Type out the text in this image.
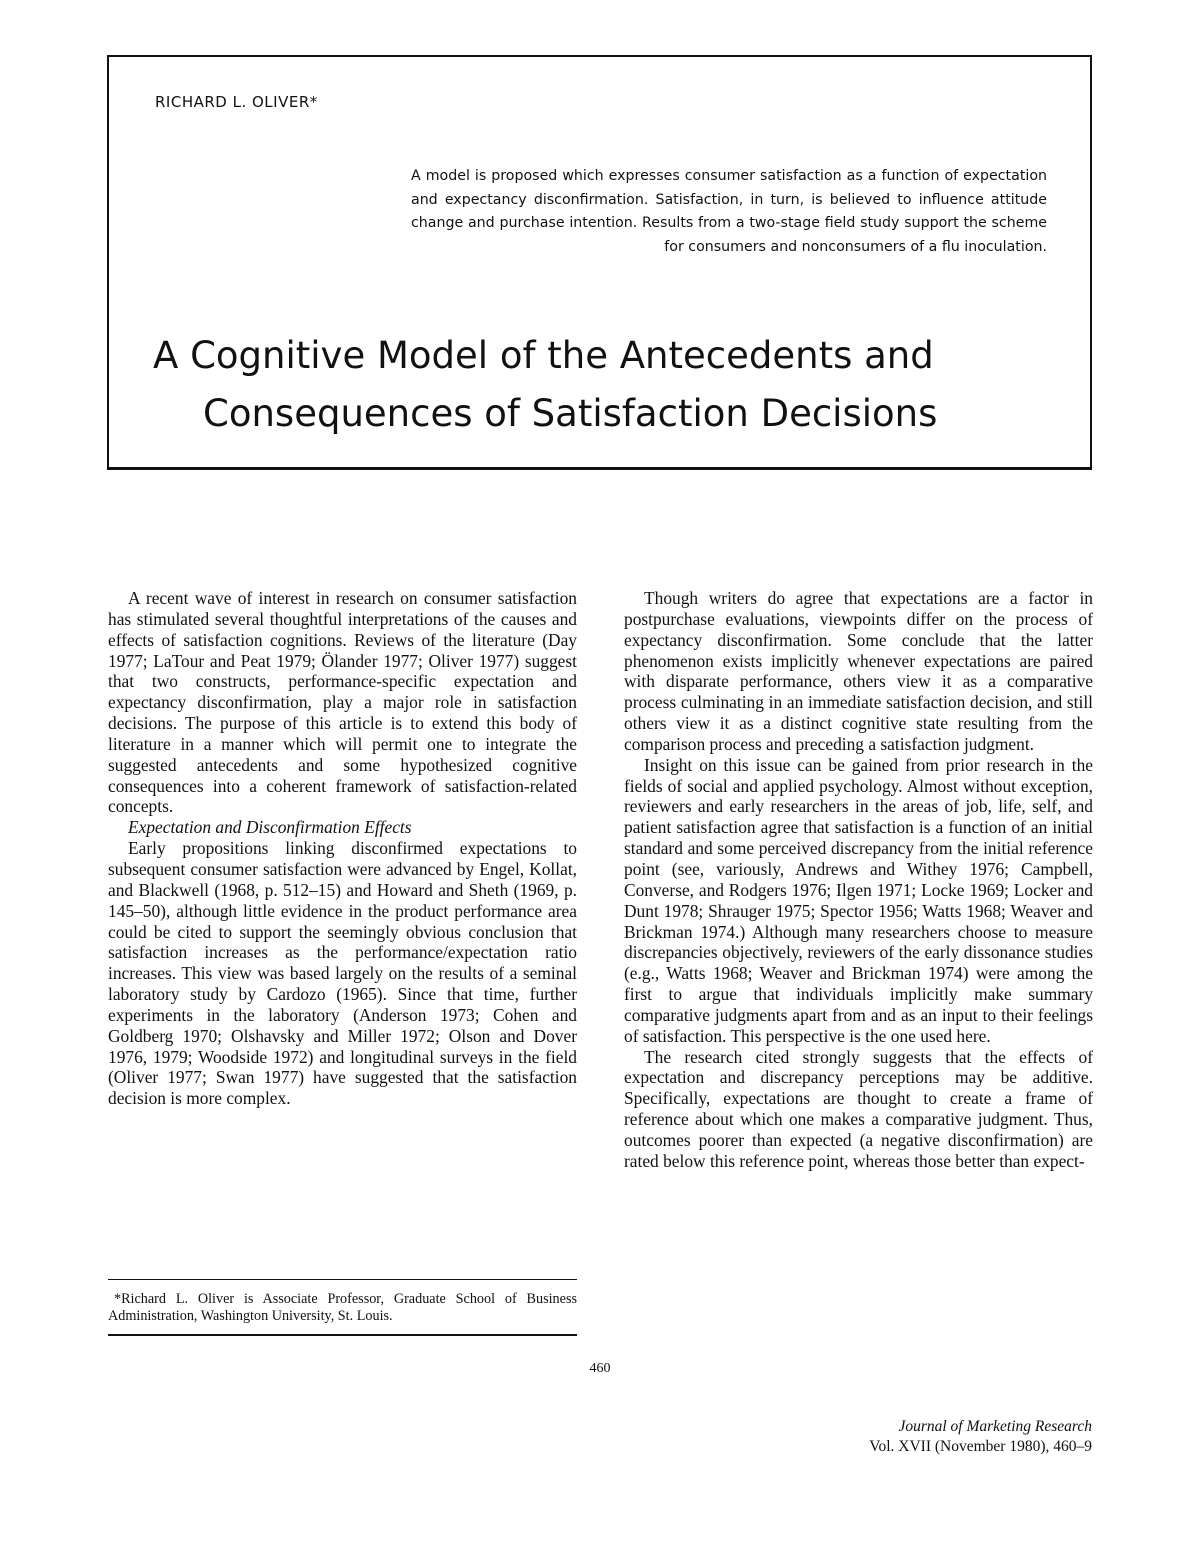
RICHARD L. OLIVER*
A model is proposed which expresses consumer satisfaction as a function of expectation and expectancy disconfirmation. Satisfaction, in turn, is believed to influence attitude change and purchase intention. Results from a two-stage field study support the scheme for consumers and nonconsumers of a flu inoculation.
A Cognitive Model of the Antecedents and
Consequences of Satisfaction Decisions

A recent wave of interest in research on consumer satisfaction has stimulated several thoughtful interpretations of the causes and effects of satisfaction cognitions. Reviews of the literature (Day 1977; LaTour and Peat 1979; Ölander 1977; Oliver 1977) suggest that two constructs, performance-specific expectation and expectancy disconfirmation, play a major role in satisfaction decisions. The purpose of this article is to extend this body of literature in a manner which will permit one to integrate the suggested antecedents and some hypothesized cognitive consequences into a coherent framework of satisfaction-related concepts.

Expectation and Disconfirmation Effects

Early propositions linking disconfirmed expectations to subsequent consumer satisfaction were advanced by Engel, Kollat, and Blackwell (1968, p. 512–15) and Howard and Sheth (1969, p. 145–50), although little evidence in the product performance area could be cited to support the seemingly obvious conclusion that satisfaction increases as the performance/expectation ratio increases. This view was based largely on the results of a seminal laboratory study by Cardozo (1965). Since that time, further experiments in the laboratory (Anderson 1973; Cohen and Goldberg 1970; Olshavsky and Miller 1972; Olson and Dover 1976, 1979; Woodside 1972) and longitudinal surveys in the field (Oliver 1977; Swan 1977) have suggested that the satisfaction decision is more complex.

Though writers do agree that expectations are a factor in postpurchase evaluations, viewpoints differ on the process of expectancy disconfirmation. Some conclude that the latter phenomenon exists implicitly whenever expectations are paired with disparate performance, others view it as a comparative process culminating in an immediate satisfaction decision, and still others view it as a distinct cognitive state resulting from the comparison process and preceding a satisfaction judgment.

Insight on this issue can be gained from prior research in the fields of social and applied psychology. Almost without exception, reviewers and early researchers in the areas of job, life, self, and patient satisfaction agree that satisfaction is a function of an initial standard and some perceived discrepancy from the initial reference point (see, variously, Andrews and Withey 1976; Campbell, Converse, and Rodgers 1976; Ilgen 1971; Locke 1969; Locker and Dunt 1978; Shrauger 1975; Spector 1956; Watts 1968; Weaver and Brickman 1974.) Although many researchers choose to measure discrepancies objectively, reviewers of the early dissonance studies (e.g., Watts 1968; Weaver and Brickman 1974) were among the first to argue that individuals implicitly make summary comparative judgments apart from and as an input to their feelings of satisfaction. This perspective is the one used here.

The research cited strongly suggests that the effects of expectation and discrepancy perceptions may be additive. Specifically, expectations are thought to create a frame of reference about which one makes a comparative judgment. Thus, outcomes poorer than expected (a negative disconfirmation) are rated below this reference point, whereas those better than expect-

*Richard L. Oliver is Associate Professor, Graduate School of Business Administration, Washington University, St. Louis.
460
Journal of Marketing Research
Vol. XVII (November 1980), 460–9
